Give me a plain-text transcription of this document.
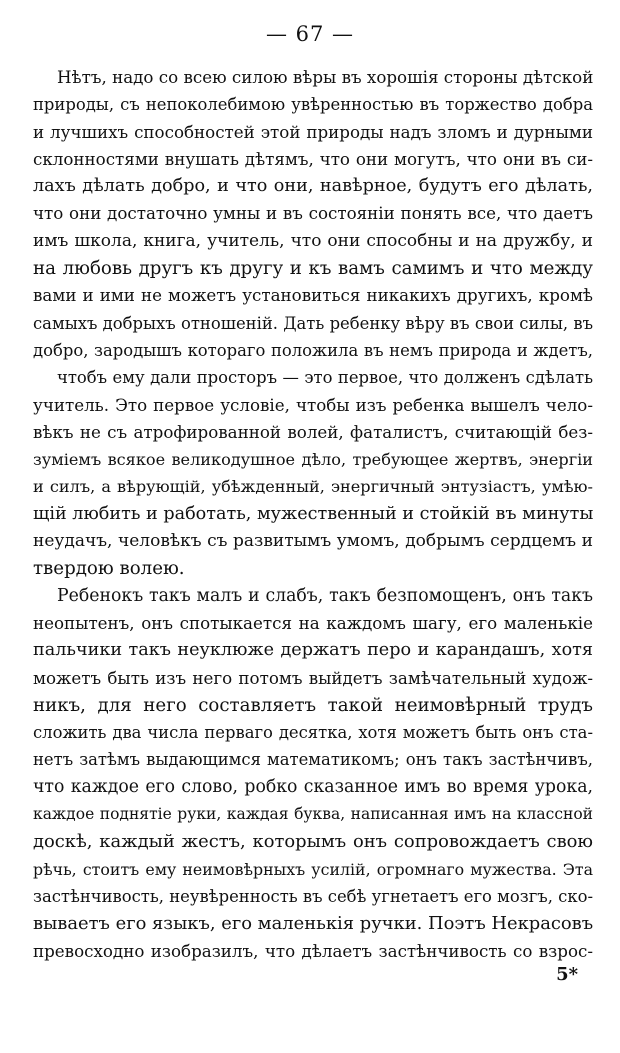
— 67 —
Нѣтъ, надо со всею силою вѣры въ хорошія стороны дѣтской
природы, съ непоколебимою увѣренностью въ торжество добра
и лучшихъ способностей этой природы надъ зломъ и дурными
склонностями внушать дѣтямъ, что они могутъ, что они въ си-
лахъ дѣлать добро, и что они, навѣрное, будутъ его дѣлать,
что они достаточно умны и въ состояніи понять все, что даетъ
имъ школа, книга, учитель, что они способны и на дружбу, и
на любовь другъ къ другу и къ вамъ самимъ и что между
вами и ими не можетъ установиться никакихъ другихъ, кромѣ
самыхъ добрыхъ отношеній. Дать ребенку вѣру въ свои силы, въ
добро, зародышъ котораго положила въ немъ природа и ждетъ,
чтобъ ему дали просторъ — это первое, что долженъ сдѣлать
учитель. Это первое условіе, чтобы изъ ребенка вышелъ чело-
вѣкъ не съ атрофированной волей, фаталистъ, считающій без-
зуміемъ всякое великодушное дѣло, требующее жертвъ, энергіи
и силъ, а вѣрующій, убѣжденный, энергичный энтузіастъ, умѣю-
щій любить и работать, мужественный и стойкій въ минуты
неудачъ, человѣкъ съ развитымъ умомъ, добрымъ сердцемъ и
твердою волею.
Ребенокъ такъ малъ и слабъ, такъ безпомощенъ, онъ такъ
неопытенъ, онъ спотыкается на каждомъ шагу, его маленькіе
пальчики такъ неуклюже держатъ перо и карандашъ, хотя
можетъ быть изъ него потомъ выйдетъ замѣчательный худож-
никъ, для него составляетъ такой неимовѣрный трудъ
сложить два числа перваго десятка, хотя можетъ быть онъ ста-
нетъ затѣмъ выдающимся математикомъ; онъ такъ застѣнчивъ,
что каждое его слово, робко сказанное имъ во время урока,
каждое поднятіе руки, каждая буква, написанная имъ на классной
доскѣ, каждый жестъ, которымъ онъ сопровождаетъ свою
рѣчь, стоитъ ему неимовѣрныхъ усилій, огромнаго мужества. Эта
застѣнчивость, неувѣренность въ себѣ угнетаетъ его мозгъ, ско-
вываетъ его языкъ, его маленькія ручки. Поэтъ Некрасовъ
превосходно изобразилъ, что дѣлаетъ застѣнчивость со взрос-
5*
